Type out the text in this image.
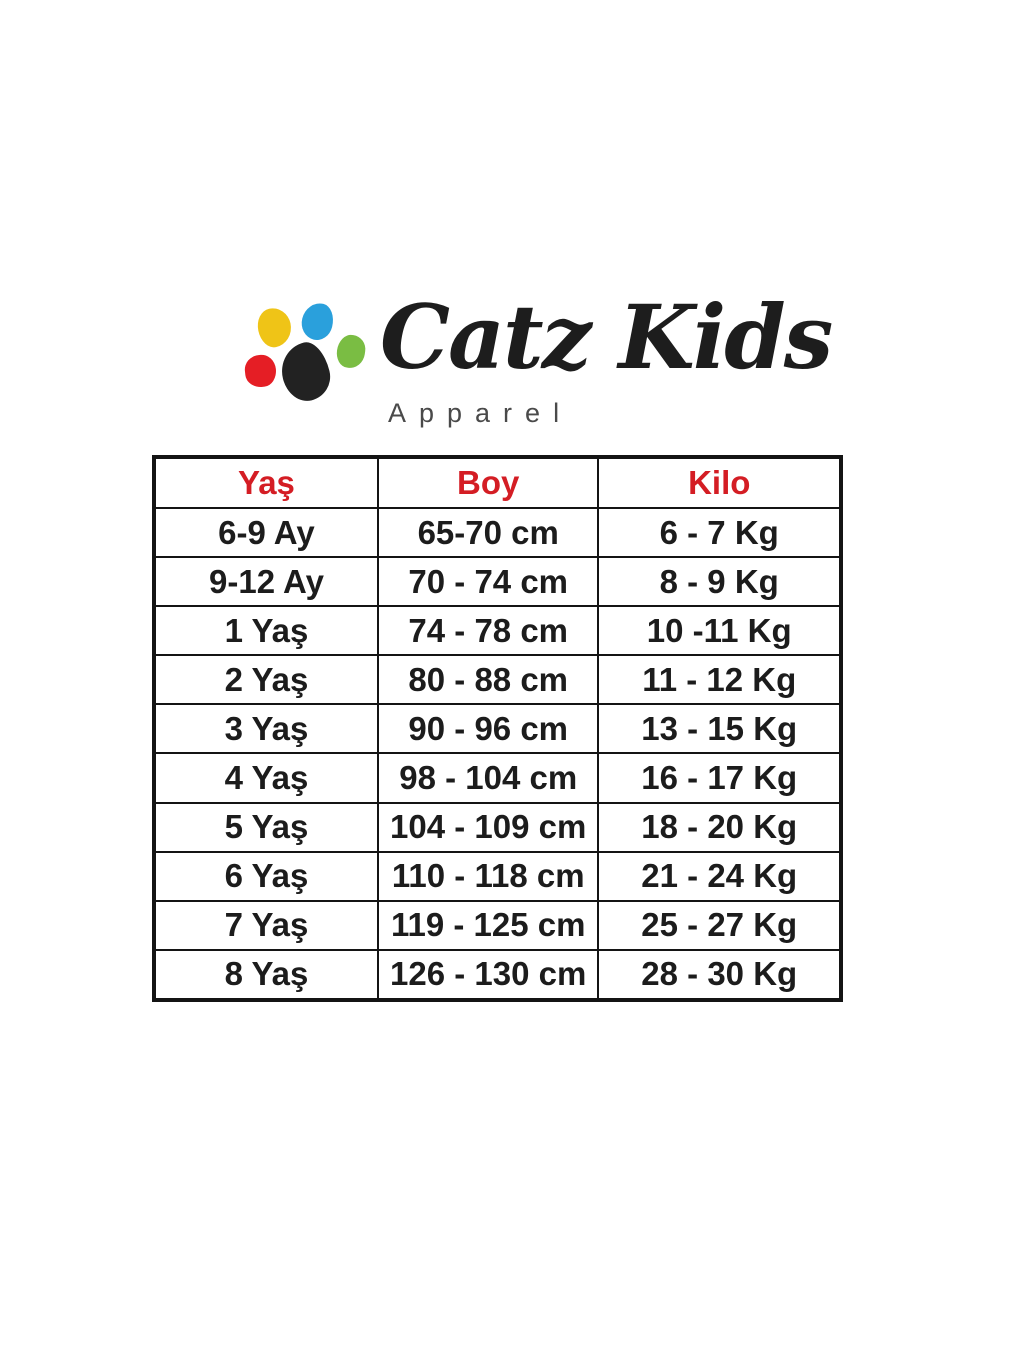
Catz Kids
Apparel
Yaş	Boy	Kilo
6-9 Ay	65-70 cm	6 - 7 Kg
9-12 Ay	70 - 74 cm	8 - 9 Kg
1 Yaş	74 - 78 cm	10 -11 Kg
2 Yaş	80 - 88 cm	11 - 12 Kg
3 Yaş	90 - 96 cm	13 - 15 Kg
4 Yaş	98 - 104 cm	16 - 17 Kg
5 Yaş	104 - 109 cm	18 - 20 Kg
6 Yaş	110 - 118 cm	21 - 24 Kg
7 Yaş	119 - 125 cm	25 - 27 Kg
8 Yaş	126 - 130 cm	28 - 30 Kg
